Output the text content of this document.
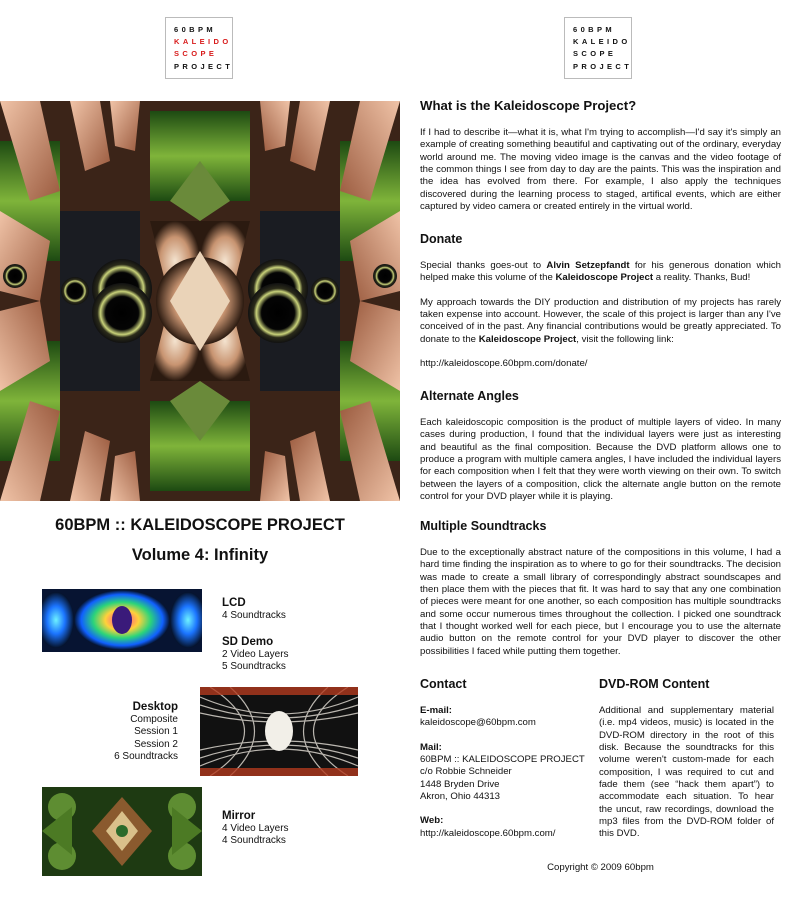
60BPM
KALEIDO
SCOPE
PROJECT
60BPM
KALEIDO
SCOPE
PROJECT
60BPM :: KALEIDOSCOPE PROJECT
Volume 4: Infinity
LCD
4 Soundtracks
SD Demo
2 Video Layers
5 Soundtracks
Desktop
Composite
Session 1
Session 2
6 Soundtracks
Mirror
4 Video Layers
4 Soundtracks
What is the Kaleidoscope Project?

If I had to describe it—what it is, what I'm trying to accomplish—I'd say it's simply an example of creating something beautiful and captivating out of the ordinary, everyday world around me. The moving video image is the canvas and the video footage of the common things I see from day to day are the paints. This was the inspiration and the idea has evolved from there. For example, I also apply the techniques discovered during the learning process to staged, artifical events, which are either captured by video camera or created entirely in the virtual world.

Donate

Special thanks goes-out to Alvin Setzepfandt for his generous donation which helped make this volume of the Kaleidoscope Project a reality. Thanks, Bud!

My approach towards the DIY production and distribution of my projects has rarely taken expense into account. However, the scale of this project is larger than any I've conceived of in the past. Any financial contributions would be greatly appreciated. To donate to the Kaleidoscope Project, visit the following link:

http://kaleidoscope.60bpm.com/donate/

Alternate Angles

Each kaleidoscopic composition is the product of multiple layers of video. In many cases during production, I found that the individual layers were just as interesting and beautiful as the final composition. Because the DVD platform allows one to produce a program with multiple camera angles, I have included the individual layers for each composition when I felt that they were worth viewing on their own. To switch between the layers of a composition, click the alternate angle button on the remote control for your DVD player while it is playing.

Multiple Soundtracks

Due to the exceptionally abstract nature of the compositions in this volume, I had a hard time finding the inspiration as to where to go for their soundtracks. The decision was made to create a small library of correspondingly abstract soundscapes and then place them with the pieces that fit. It was hard to say that any one combination of pieces were meant for one another, so each composition has multiple soundtracks and some occur numerous times throughout the collection. I picked one soundtrack that I thought worked well for each piece, but I encourage you to use the alternate audio button on the remote control for your DVD player to discover the other possibilities I faced while putting them together.

Contact	DVD-ROM Content
E-mail:
kaleidoscope@60bpm.com
Mail:
60BPM :: KALEIDOSCOPE PROJECT
c/o Robbie Schneider
1448 Bryden Drive
Akron, Ohio 44313
Web:
http://kaleidoscope.60bpm.com/

Additional and supplementary material (i.e. mp4 videos, music) is located in the DVD-ROM directory in the root of this disk. Because the soundtracks for this volume weren't custom-made for each composition, I was required to cut and fade them (see “hack them apart”) to accommodate each situation. To hear the uncut, raw recordings, download the mp3 files from the DVD-ROM folder of this DVD.

Copyright © 2009 60bpm
